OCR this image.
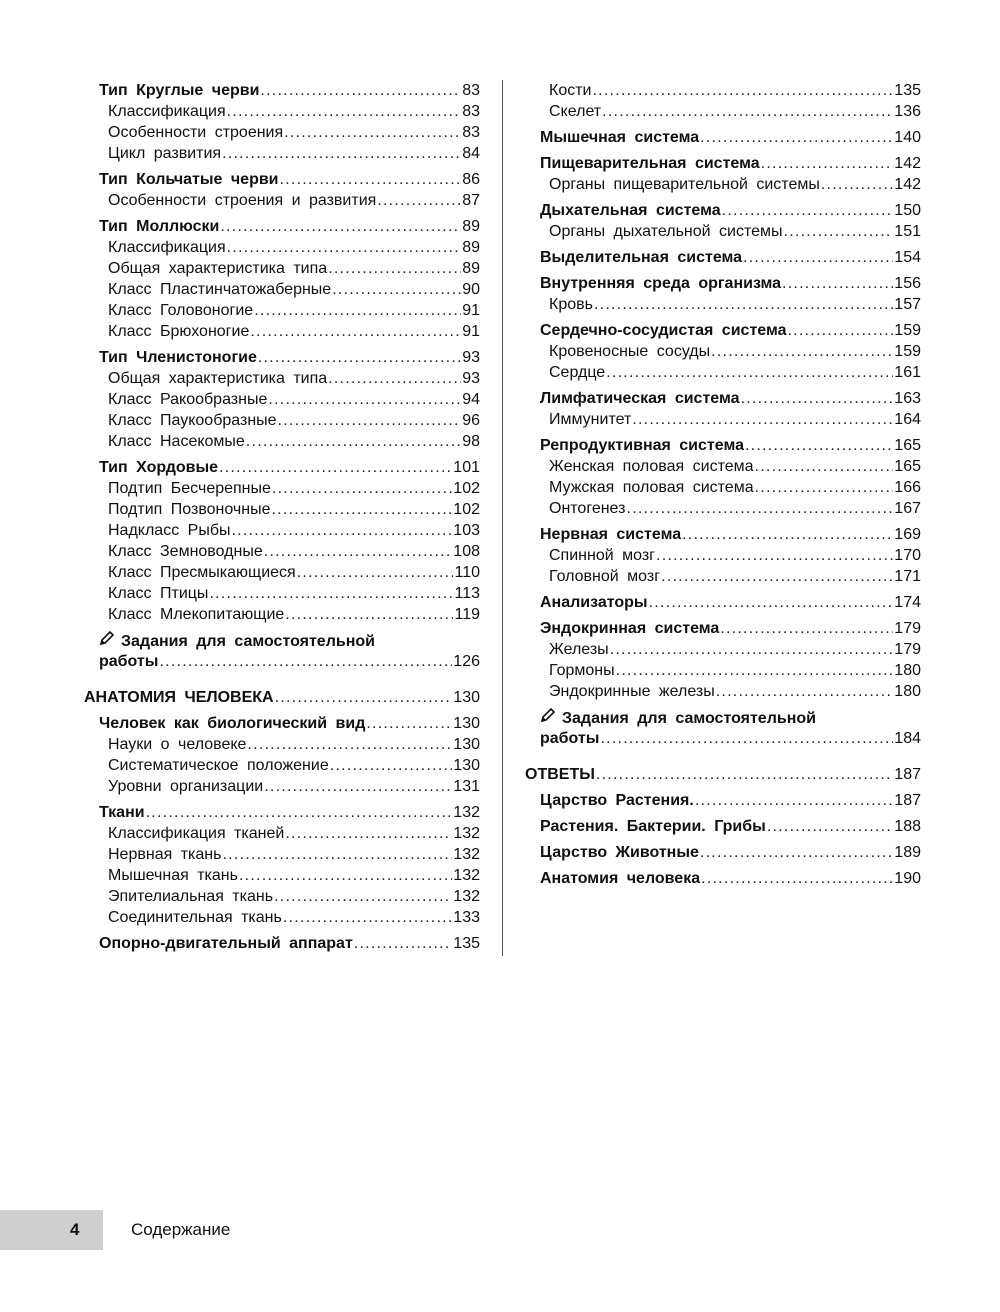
Тип Круглые черви . . .	83
Классификация . . .	83
Особенности строения . . .	83
Цикл развития . . .	84
Тип Кольчатые черви . . .	86
Особенности строения и развития . . .	87
Тип Моллюски . . .	89
Классификация . . .	89
Общая характеристика типа . . .	89
Класс Пластинчатожаберные . . .	90
Класс Головоногие . . .	91
Класс Брюхоногие . . .	91
Тип Членистоногие . . .	93
Общая характеристика типа . . .	93
Класс Ракообразные . . .	94
Класс Паукообразные . . .	96
Класс Насекомые . . .	98
Тип Хордовые . . .	101
Подтип Бесчерепные . . .	102
Подтип Позвоночные . . .	102
Надкласс Рыбы . . .	103
Класс Земноводные . . .	108
Класс Пресмыкающиеся . . .	110
Класс Птицы . . .	113
Класс Млекопитающие . . .	119
Задания для самостоятельной
работы . . .	126
АНАТОМИЯ ЧЕЛОВЕКА . . .	130
Человек как биологический вид . . .	130
Науки о человеке . . .	130
Систематическое положение . . .	130
Уровни организации . . .	131
Ткани . . .	132
Классификация тканей . . .	132
Нервная ткань . . .	132
Мышечная ткань . . .	132
Эпителиальная ткань . . .	132
Соединительная ткань . . .	133
Опорно-двигательный аппарат . . .	135
Кости . . .	135
Скелет . . .	136
Мышечная система . . .	140
Пищеварительная система . . .	142
Органы пищеварительной системы . . .	142
Дыхательная система . . .	150
Органы дыхательной системы . . .	151
Выделительная система . . .	154
Внутренняя среда организма . . .	156
Кровь . . .	157
Сердечно-сосудистая система . . .	159
Кровеносные сосуды . . .	159
Сердце . . .	161
Лимфатическая система . . .	163
Иммунитет . . .	164
Репродуктивная система . . .	165
Женская половая система . . .	165
Мужская половая система . . .	166
Онтогенез . . .	167
Нервная система . . .	169
Спинной мозг . . .	170
Головной мозг . . .	171
Анализаторы . . .	174
Эндокринная система . . .	179
Железы . . .	179
Гормоны . . .	180
Эндокринные железы . . .	180
Задания для самостоятельной
работы . . .	184
ОТВЕТЫ . . .	187
Царство Растения. . . .	187
Растения. Бактерии. Грибы . . .	188
Царство Животные . . .	189
Анатомия человека . . .	190
4	Содержание
